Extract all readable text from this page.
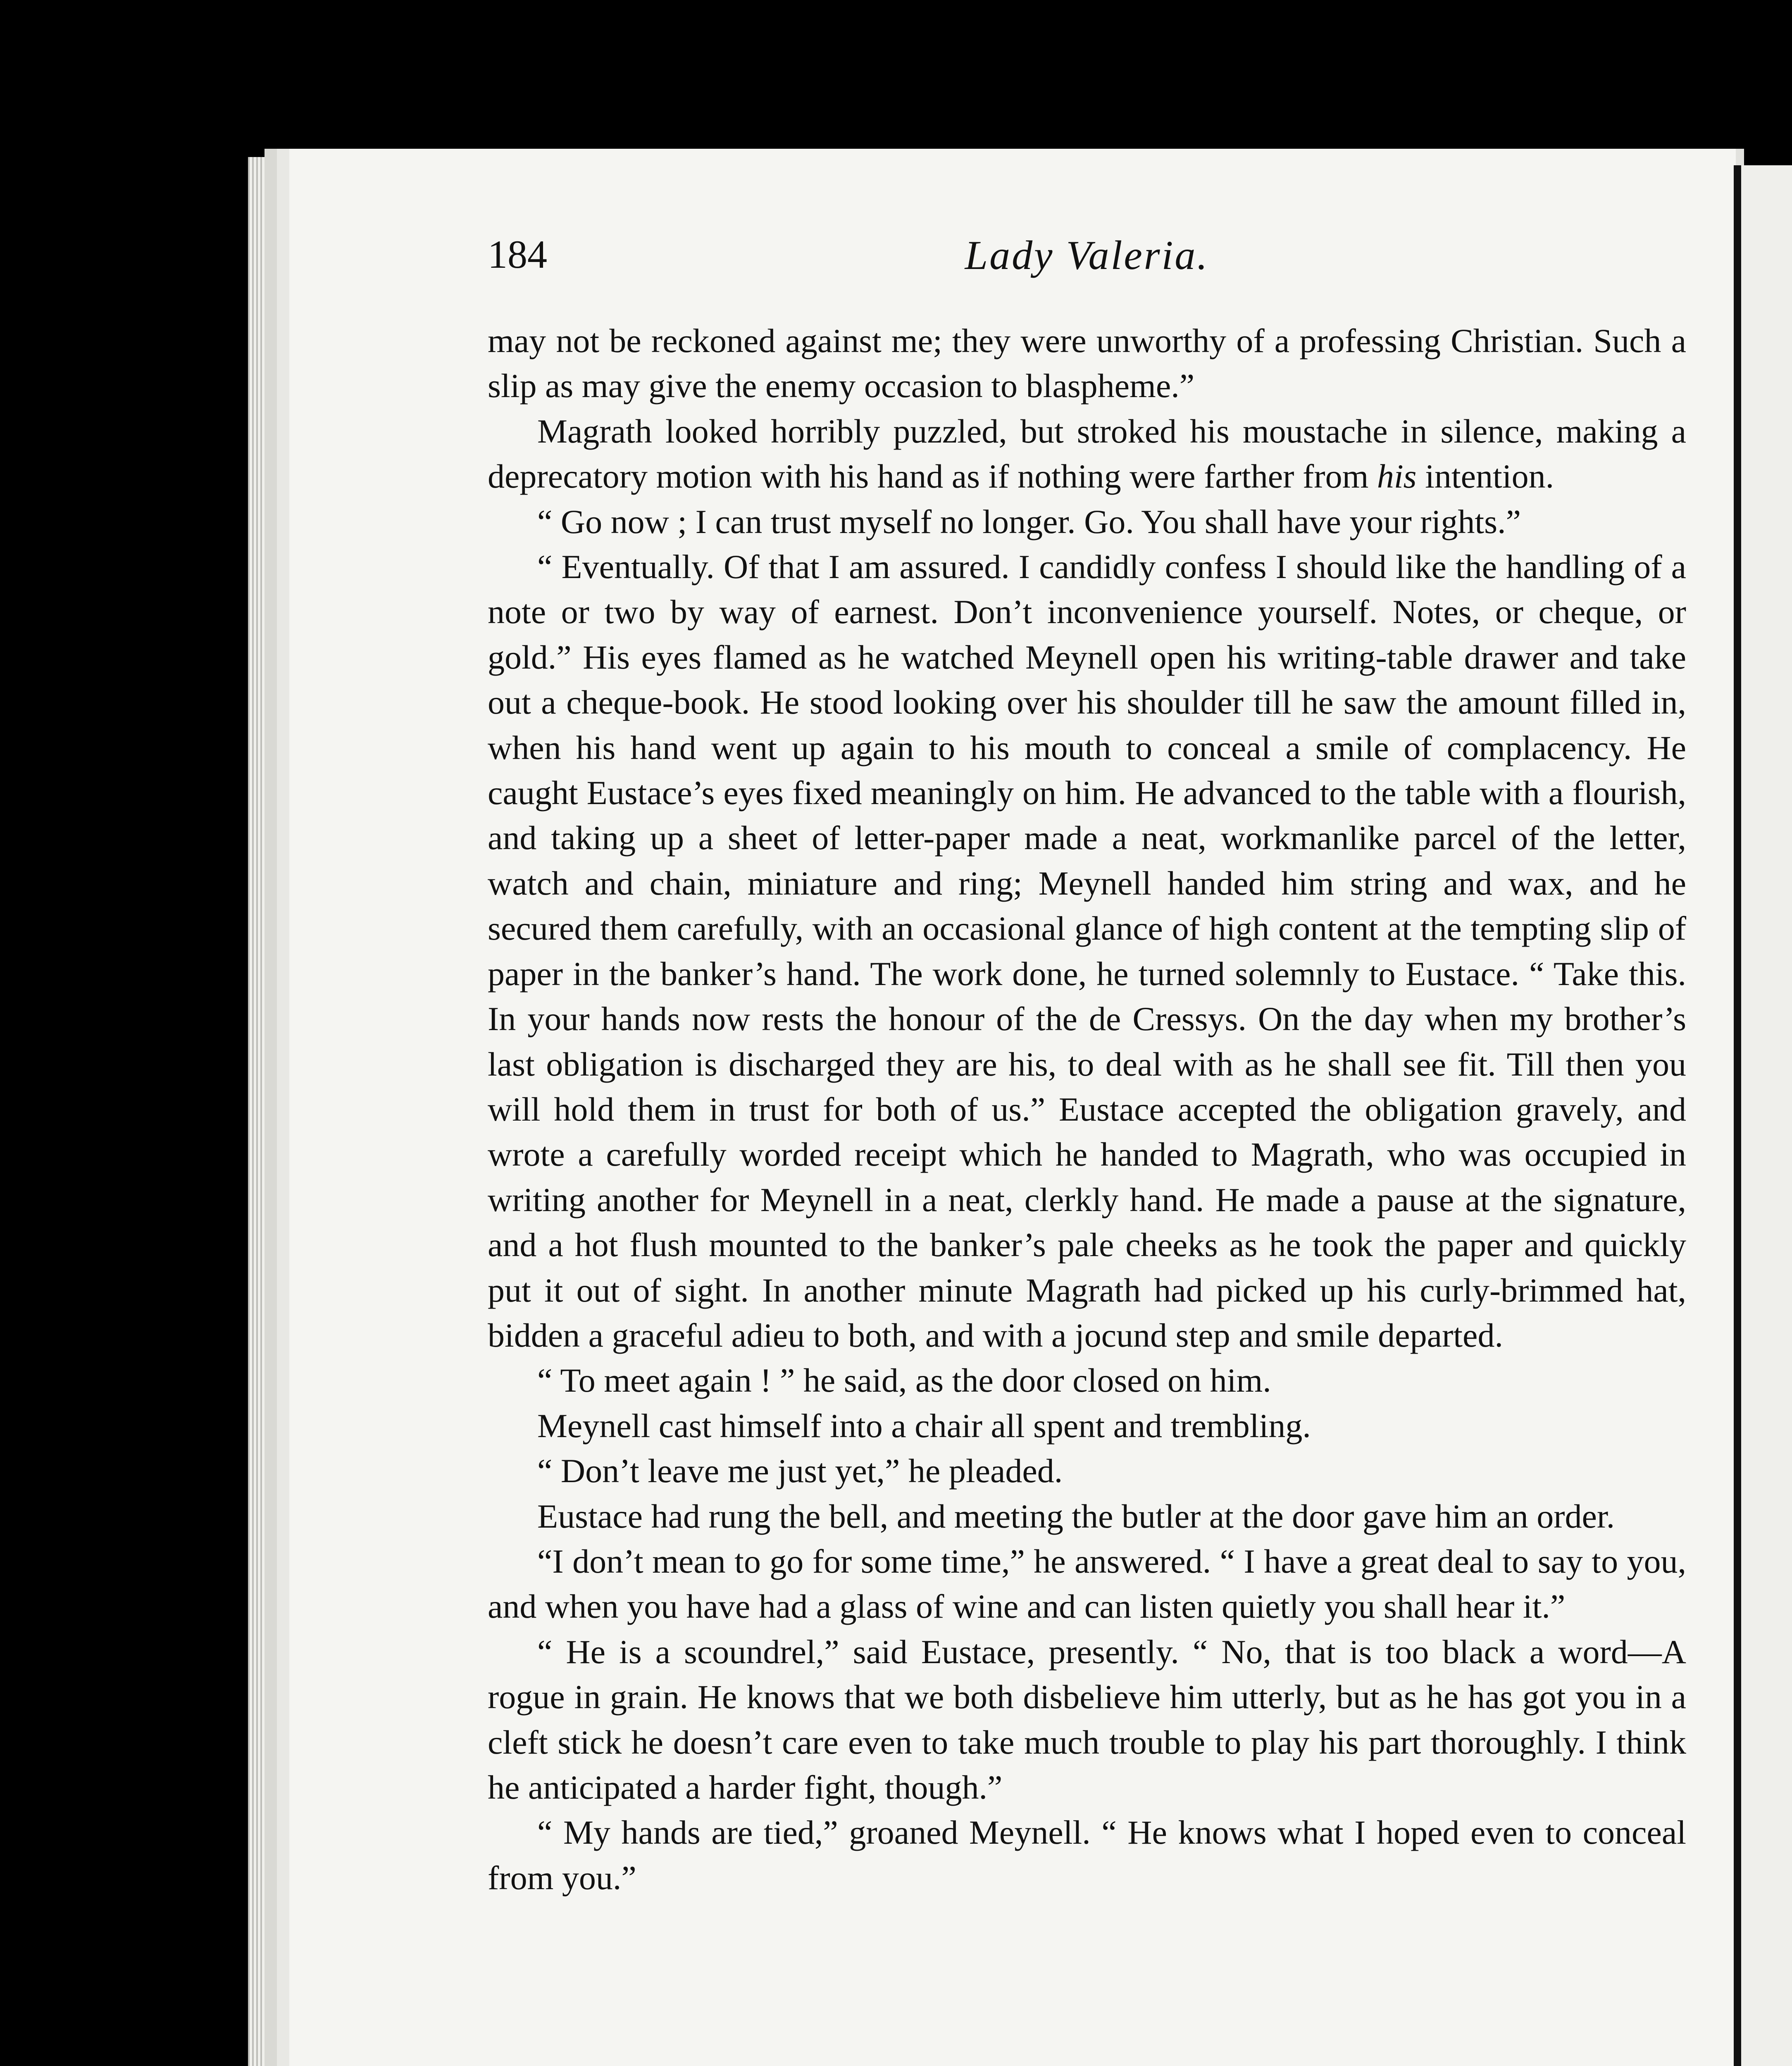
184	Lady Valeria.

may not be reckoned against me; they were unworthy of a professing Christian. Such a slip as may give the enemy occasion to blaspheme.”

Magrath looked horribly puzzled, but stroked his moustache in silence, making a deprecatory motion with his hand as if nothing were farther from his intention.

“ Go now ; I can trust myself no longer. Go. You shall have your rights.”

“ Eventually. Of that I am assured. I candidly confess I should like the handling of a note or two by way of earnest. Don’t inconvenience yourself. Notes, or cheque, or gold.” His eyes flamed as he watched Meynell open his writing-table drawer and take out a cheque-book. He stood looking over his shoulder till he saw the amount filled in, when his hand went up again to his mouth to conceal a smile of complacency. He caught Eustace’s eyes fixed meaningly on him. He advanced to the table with a flourish, and taking up a sheet of letter-paper made a neat, workmanlike parcel of the letter, watch and chain, miniature and ring; Meynell handed him string and wax, and he secured them carefully, with an occasional glance of high content at the tempting slip of paper in the banker’s hand. The work done, he turned solemnly to Eustace. “ Take this. In your hands now rests the honour of the de Cressys. On the day when my brother’s last obligation is discharged they are his, to deal with as he shall see fit. Till then you will hold them in trust for both of us.” Eustace accepted the obligation gravely, and wrote a carefully worded receipt which he handed to Magrath, who was occupied in writing another for Meynell in a neat, clerkly hand. He made a pause at the signature, and a hot flush mounted to the banker’s pale cheeks as he took the paper and quickly put it out of sight. In another minute Magrath had picked up his curly-brimmed hat, bidden a graceful adieu to both, and with a jocund step and smile departed.

“ To meet again ! ” he said, as the door closed on him.

Meynell cast himself into a chair all spent and trembling.

“ Don’t leave me just yet,” he pleaded.

Eustace had rung the bell, and meeting the butler at the door gave him an order.

“I don’t mean to go for some time,” he answered. “ I have a great deal to say to you, and when you have had a glass of wine and can listen quietly you shall hear it.”

“ He is a scoundrel,” said Eustace, presently. “ No, that is too black a word—A rogue in grain. He knows that we both disbelieve him utterly, but as he has got you in a cleft stick he doesn’t care even to take much trouble to play his part thoroughly. I think he anticipated a harder fight, though.”

“ My hands are tied,” groaned Meynell. “ He knows what I hoped even to conceal from you.”
